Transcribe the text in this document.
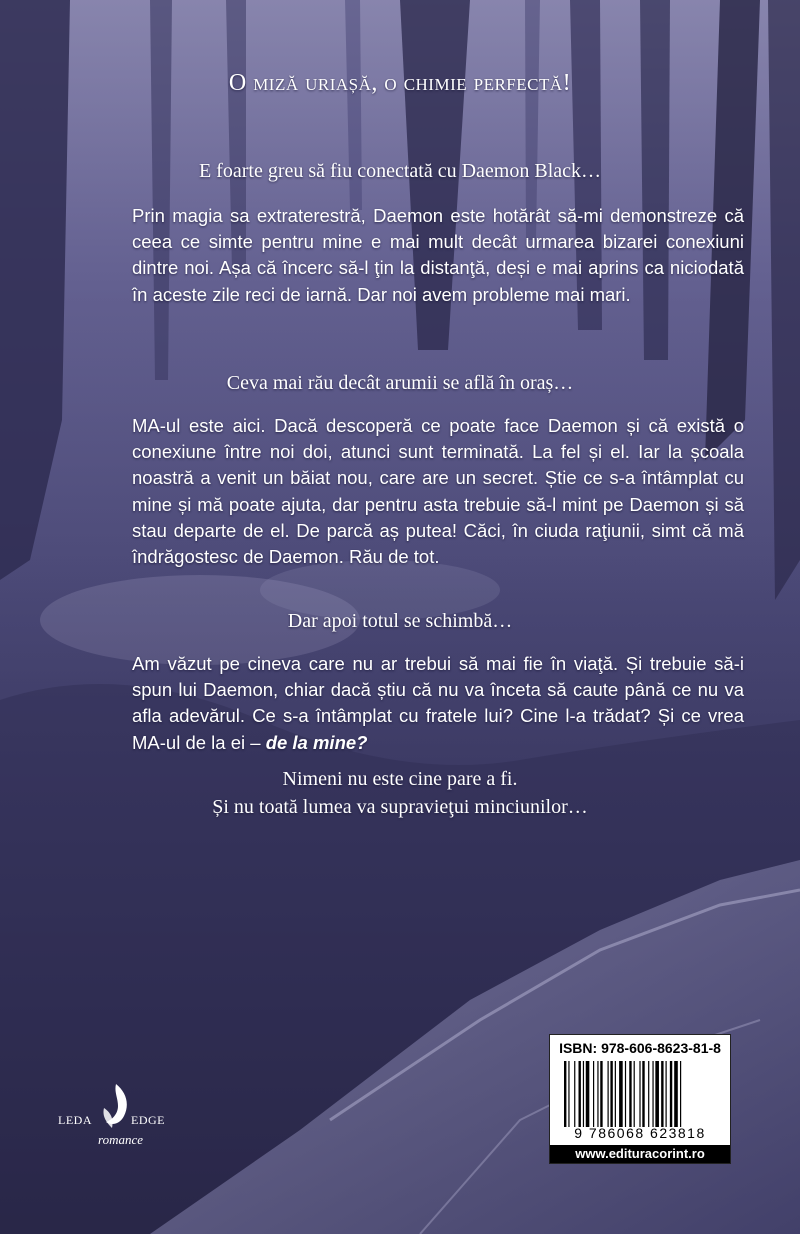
O miză uriașă, o chimie perfectă!
E foarte greu să fiu conectată cu Daemon Black…
Prin magia sa extraterestră, Daemon este hotărât să-mi demonstreze că ceea ce simte pentru mine e mai mult decât urmarea bizarei conexiuni dintre noi. Așa că încerc să-l ţin la distanţă, deși e mai aprins ca niciodată în aceste zile reci de iarnă. Dar noi avem probleme mai mari.
Ceva mai rău decât arumii se află în oraș…
MA-ul este aici. Dacă descoperă ce poate face Daemon și că există o conexiune între noi doi, atunci sunt terminată. La fel și el. Iar la școala noastră a venit un băiat nou, care are un secret. Știe ce s-a întâmplat cu mine și mă poate ajuta, dar pentru asta trebuie să-l mint pe Daemon și să stau departe de el. De parcă aș putea! Căci, în ciuda raţiunii, simt că mă îndrăgostesc de Daemon. Rău de tot.
Dar apoi totul se schimbă…
Am văzut pe cineva care nu ar trebui să mai fie în viaţă. Și trebuie să-i spun lui Daemon, chiar dacă știu că nu va înceta să caute până ce nu va afla adevărul. Ce s-a întâmplat cu fratele lui? Cine l-a trădat? Și ce vrea MA-ul de la ei – de la mine?
Nimeni nu este cine pare a fi.
Și nu toată lumea va supravieţui minciunilor…
LEDA	EDGE
romance
ISBN: 978-606-8623-81-8
9 786068 623818
www.edituracorint.ro
